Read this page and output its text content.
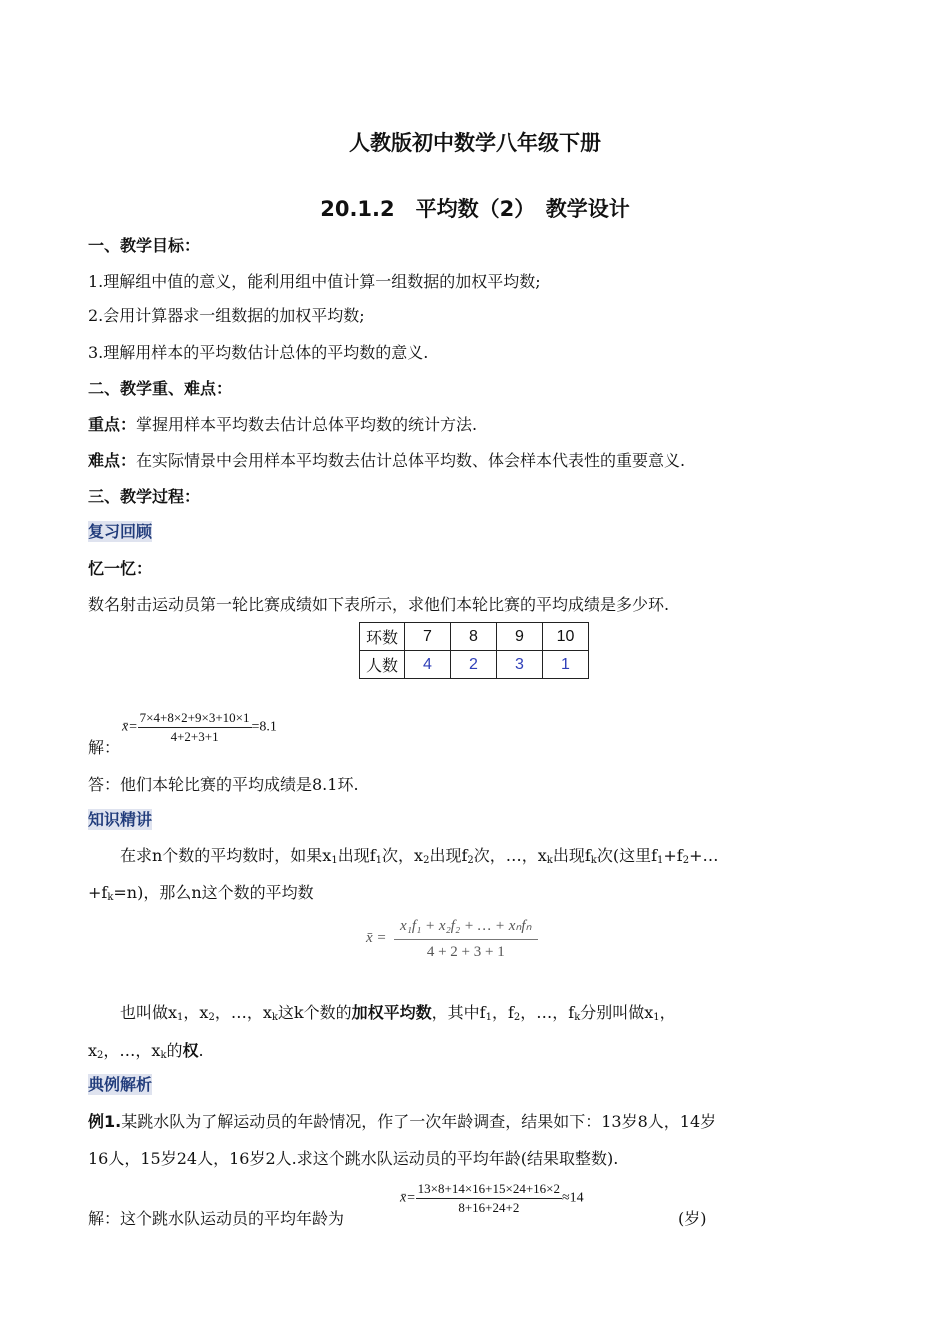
人教版初中数学八年级下册
20.1.2　平均数（2）　教学设计
一、教学目标：
1.理解组中值的意义，能利用组中值计算一组数据的加权平均数;
2.会用计算器求一组数据的加权平均数;
3.理解用样本的平均数估计总体的平均数的意义.
二、教学重、难点：
重点：掌握用样本平均数去估计总体平均数的统计方法.
难点：在实际情景中会用样本平均数去估计总体平均数、体会样本代表性的重要意义.
三、教学过程：
复习回顾
忆一忆：
数名射击运动员第一轮比赛成绩如下表所示，求他们本轮比赛的平均成绩是多少环.
环数	7	8	9	10
人数	4	2	3	1
解：
x̄= $\frac{7\times 4+8\times 2+9\times 3+10\times 1}{4+2+3+1} =8.1$
答：他们本轮比赛的平均成绩是8.1环.
知识精讲
在求n个数的平均数时，如果$x_1$出现$f_1$次，$x_2$出现$f_2$次，…，$x_k$出现$f_k$次(这里$f_1+f_2+\dots$
$+f_k=n$)，那么n这个数的平均数
x̄ = $\frac{\text{x₁f₁ + x₂f₂ + … + xₙfₙ}}{4 + 2 + 3 + 1}$
也叫做$x_1$，$x_2$，…，$x_k$这k个数的加权平均数，其中$f_1$，$f_2$，…，$f_k$分别叫做$x_1$，
$x_2$，…，$x_k$的权.
典例解析
例1.某跳水队为了解运动员的年龄情况，作了一次年龄调查，结果如下：13岁8人，14岁
16人，15岁24人，16岁2人.求这个跳水队运动员的平均年龄(结果取整数).
解：这个跳水队运动员的平均年龄为
x̄= $\frac{13\times 8+14\times 16+15\times 24+16\times 2}{8+16+24+2} \approx 14$
(岁)
